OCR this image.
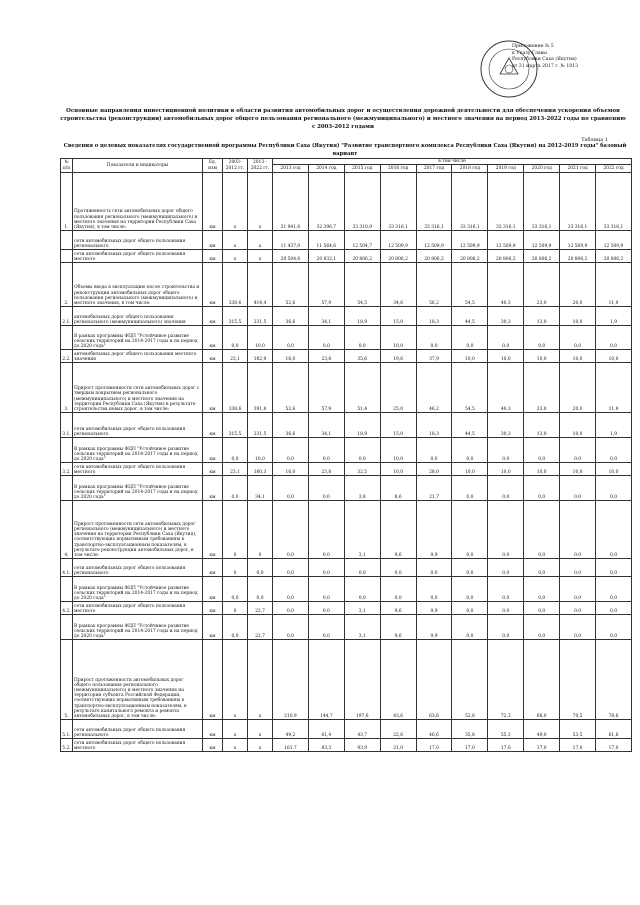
Приложение № 5
к Указу Главы
Республики Саха (Якутия)
от 31 марта 2017 г. № 1813
Основные направления инвестиционной политики в области развития автомобильных дорог и осуществления дорожной деятельности для обеспечения ускорения объемов строительства (реконструкции) автомобильных дорог общего пользования регионального (межмуниципального) и местного значения на период 2013-2022 годы по сравнению с 2003-2012 годами
Таблица 1
Сведения о целевых показателях государственной программы Республики Саха (Якутия) "Развитие транспортного комплекса Республики Саха (Якутия) на 2012-2019 годы" базовый вариант
№ п/п	Показатели и индикаторы	Ед. изм	2003-2012 гг.	2013 - 2022 гг.	в том числе									
					2013 год	2014 год	2015 год	2016 год	2017 год	2018 год	2019 год	2020 год	2021 год	2022 год
1.	Протяженность сети автомобильных дорог общего пользования регионального (межмуниципального) и местного значения на территории Республики Саха (Якутия), в том числе:	км	х	х	31 941,6	32 396,7	33 310,9	33 316,1	33 316,1	33 316,1	33 316,1	33 316,1	33 316,1	33 316,1
	сети автомобильных дорог общего пользования регионального	км	х	х	11 437,0	11 564,6	12 504,7	12 509,9	12 509,9	12 509,9	12 509,9	12 509,9	12 509,9	12 509,9
	сети автомобильных дорог общего пользования местного	км	х	х	20 504,6	20 832,1	20 806,2	20 806,2	20 806,2	20 806,2	20 806,2	20 806,2	20 806,2	20 806,2
2.	Объемы ввода в эксплуатацию после строительства и реконструкции автомобильных дорог общего пользования регионального (межмуниципального) и местного значения, в том числе:	км	338,6	414,4	52,6	57,9	54,5	34,6	56,2	54,5	40,3	23,0	20,0	11,9
2.1.	автомобильных дорог общего пользования регионального (межмуниципального) значения	км	315,5	231,5	36,6	34,1	18,9	15,0	18,3	44,5	30,3	13,0	10,0	1,9
	В рамках программы ФЦП "Устойчивое развитие сельских территорий на 2014-2017 годы и на период до 2020 года"	км	0,0	10,0	0,0	0,0	0,0	10,0	0,0	0,0	0,0	0,0	0,0	0,0
2.2.	автомобильных дорог общего пользования местного значения	км	23,1	182,9	16,0	23,8	35,6	19,6	37,9	10,0	10,0	10,0	10,0	10,0
3.	Прирост протяженности сети автомобильных дорог с твердым покрытием регионального (межмуниципального) и местного значения на территории Республики Саха (Якутия) в результате строительства новых дорог, в том числе:	км	338,6	391,8	52,6	57,9	51,4	25,0	46,2	54,5	40,3	23,0	20,0	11,9
3.1.	сети автомобильных дорог общего пользования регионального	км	315,5	231,5	36,6	34,1	18,9	15,0	18,3	44,5	30,3	13,0	10,0	1,9
	В рамках программы ФЦП "Устойчивое развитие сельских территорий на 2014-2017 годы и на период до 2020 года"	км	0,0	10,0	0,0	0,0	0,0	10,0	0,0	0,0	0,0	0,0	0,0	0,0
3.2.	сети автомобильных дорог общего пользования местного	км	23,1	160,3	16,0	23,8	32,5	10,0	28,0	10,0	10,0	10,0	10,0	10,0
	В рамках программы ФЦП "Устойчивое развитие сельских территорий на 2014-2017 годы и на период до 2020 года"	км	0,0	34,1	0,0	0,0	3,8	8,6	21,7	0,0	0,0	0,0	0,0	0,0
4.	Прирост протяженности сети автомобильных дорог регионального (межмуниципального) и местного значения на территории Республики Саха (Якутия), соответствующих нормативным требованиям к транспортно-эксплуатационным показателям, в результате реконструкции автомобильных дорог, в том числе:	км	0	0	0,0	0,0	3,1	9,6	9,9	0,0	0,0	0,0	0,0	0,0
4.1.	сети автомобильных дорог общего пользования регионального	км	0	0,0	0,0	0,0	0,0	0,0	0,0	0,0	0,0	0,0	0,0	0,0
	В рамках программы ФЦП "Устойчивое развитие сельских территорий на 2014-2017 годы и на период до 2020 года"	км	0,0	0,0	0,0	0,0	0,0	0,0	0,0	0,0	0,0	0,0	0,0	0,0
4.2.	сети автомобильных дорог общего пользования местного	км	0	22,7	0,0	0,0	3,1	9,6	9,9	0,0	0,0	0,0	0,0	0,0
	В рамках программы ФЦП "Устойчивое развитие сельских территорий на 2014-2017 годы и на период до 2020 года"	км	0,0	22,7	0,0	0,0	3,1	9,6	9,9	0,0	0,0	0,0	0,0	0,0
5.	Прирост протяженности автомобильных дорог общего пользования регионального (межмуниципального) и местного значения на территории субъекта Российской Федерации, соответствующих нормативным требованиям к транспортно-эксплуатационным показателям, в результате капитального ремонта и ремонта автомобильных дорог, в том числе:	км	х	х	210,9	144,7	197,6	43,6	63,6	52,8	72,3	66,0	70,5	78,6
5.1.	сети автомобильных дорог общего пользования регионального	км	х	х	49,2	61,4	43,7	22,6	46,6	35,8	55,3	49,0	53,5	61,6
5.2.	сети автомобильных дорог общего пользования местного	км	х	х	161,7	83,3	93,9	21,0	17,0	17,0	17,0	17,0	17,0	17,0
